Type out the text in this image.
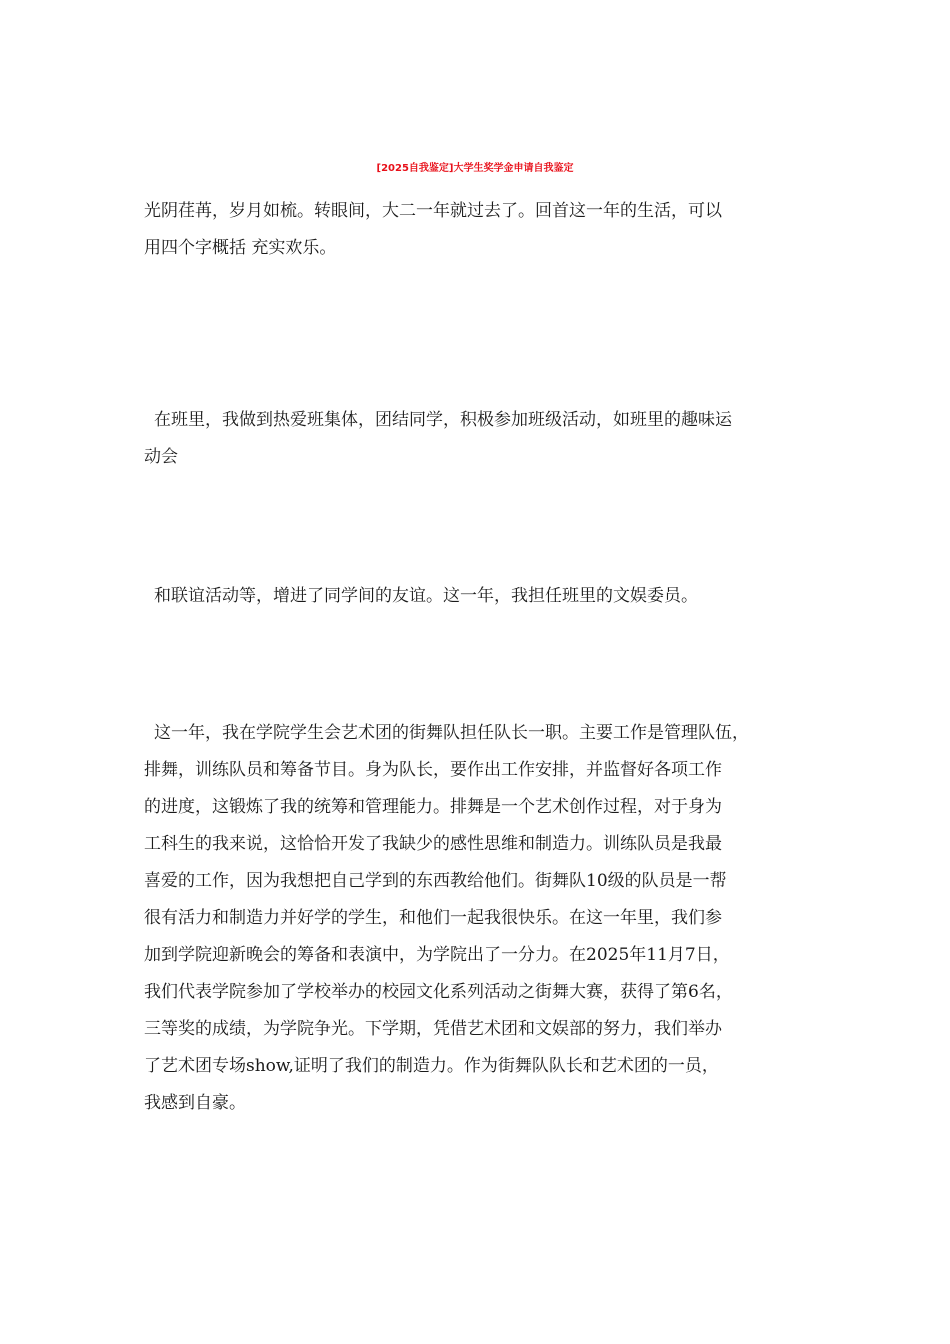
[2025自我鉴定]大学生奖学金申请自我鉴定

光阴荏苒，岁月如梳。转眼间，大二一年就过去了。回首这一年的生活，可以

用四个字概括 充实欢乐。

在班里，我做到热爱班集体，团结同学，积极参加班级活动，如班里的趣味运

动会

和联谊活动等，增进了同学间的友谊。这一年，我担任班里的文娱委员。

这一年，我在学院学生会艺术团的街舞队担任队长一职。主要工作是管理队伍，

排舞，训练队员和筹备节目。身为队长，要作出工作安排，并监督好各项工作

的进度，这锻炼了我的统筹和管理能力。排舞是一个艺术创作过程，对于身为

工科生的我来说，这恰恰开发了我缺少的感性思维和制造力。训练队员是我最

喜爱的工作，因为我想把自己学到的东西教给他们。街舞队10级的队员是一帮

很有活力和制造力并好学的学生，和他们一起我很快乐。在这一年里，我们参

加到学院迎新晚会的筹备和表演中，为学院出了一分力。在2025年11月7日，

我们代表学院参加了学校举办的校园文化系列活动之街舞大赛，获得了第6名，

三等奖的成绩，为学院争光。下学期，凭借艺术团和文娱部的努力，我们举办

了艺术团专场show,证明了我们的制造力。作为街舞队队长和艺术团的一员，

我感到自豪。
